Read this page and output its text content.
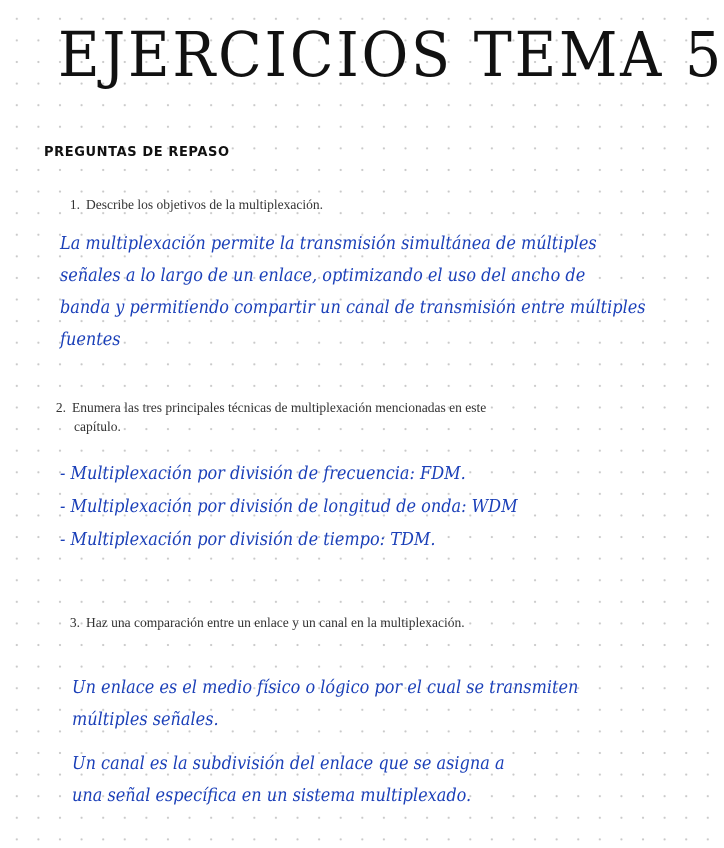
EJERCICIOS TEMA 5
PREGUNTAS DE REPASO
1. Describe los objetivos de la multiplexación.
La multiplexación permite la transmisión simultánea de múltiples
señales a lo largo de un enlace, optimizando el uso del ancho de
banda y permitiendo compartir un canal de transmisión entre múltiples
fuentes
2. Enumera las tres principales técnicas de multiplexación mencionadas en este
capítulo.
- Multiplexación por división de frecuencia: FDM.
- Multiplexación por división de longitud de onda: WDM
- Multiplexación por división de tiempo: TDM.
3. Haz una comparación entre un enlace y un canal en la multiplexación.
Un enlace es el medio físico o lógico por el cual se transmiten
múltiples señales.
Un canal es la subdivisión del enlace que se asigna a
una señal específica en un sistema multiplexado.
